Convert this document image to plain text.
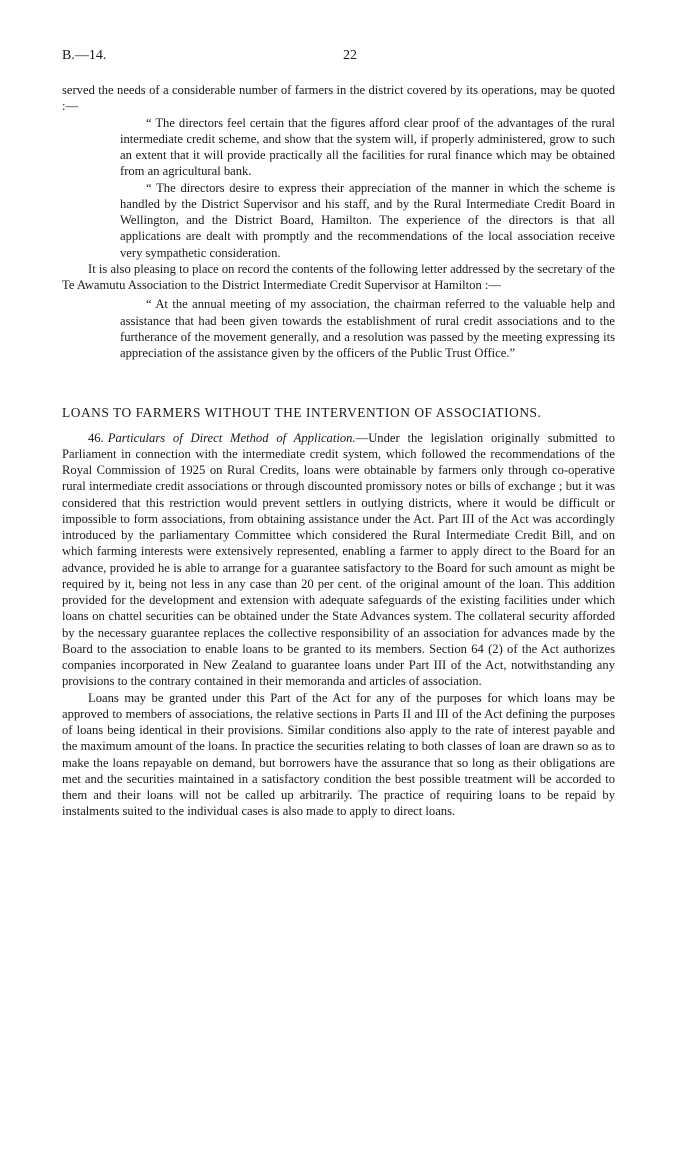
B.—14.	22

served the needs of a considerable number of farmers in the district covered by its operations, may be quoted :—

“ The directors feel certain that the figures afford clear proof of the advantages of the rural intermediate credit scheme, and show that the system will, if properly administered, grow to such an extent that it will provide practically all the facilities for rural finance which may be obtained from an agricultural bank.

“ The directors desire to express their appreciation of the manner in which the scheme is handled by the District Supervisor and his staff, and by the Rural Intermediate Credit Board in Wellington, and the District Board, Hamilton. The experience of the directors is that all applications are dealt with promptly and the recommendations of the local association receive very sympathetic consideration.

It is also pleasing to place on record the contents of the following letter addressed by the secretary of the Te Awamutu Association to the District Intermediate Credit Supervisor at Hamilton :—

“ At the annual meeting of my association, the chairman referred to the valuable help and assistance that had been given towards the establishment of rural credit associations and to the furtherance of the movement generally, and a resolution was passed by the meeting expressing its appreciation of the assistance given by the officers of the Public Trust Office.”

LOANS TO FARMERS WITHOUT THE INTERVENTION OF ASSOCIATIONS.

46. Particulars of Direct Method of Application.—Under the legislation originally submitted to Parliament in connection with the intermediate credit system, which followed the recommendations of the Royal Commission of 1925 on Rural Credits, loans were obtainable by farmers only through co-operative rural intermediate credit associations or through discounted promissory notes or bills of exchange ; but it was considered that this restriction would prevent settlers in outlying districts, where it would be difficult or impossible to form associations, from obtaining assistance under the Act. Part III of the Act was accordingly introduced by the parliamentary Committee which considered the Rural Intermediate Credit Bill, and on which farming interests were extensively represented, enabling a farmer to apply direct to the Board for an advance, provided he is able to arrange for a guarantee satisfactory to the Board for such amount as might be required by it, being not less in any case than 20 per cent. of the original amount of the loan. This addition provided for the development and extension with adequate safeguards of the existing facilities under which loans on chattel securities can be obtained under the State Advances system. The collateral security afforded by the necessary guarantee replaces the collective responsibility of an association for advances made by the Board to the association to enable loans to be granted to its members. Section 64 (2) of the Act authorizes companies incorporated in New Zealand to guarantee loans under Part III of the Act, notwithstanding any provisions to the contrary contained in their memoranda and articles of association.

Loans may be granted under this Part of the Act for any of the purposes for which loans may be approved to members of associations, the relative sections in Parts II and III of the Act defining the purposes of loans being identical in their provisions. Similar conditions also apply to the rate of interest payable and the maximum amount of the loans. In practice the securities relating to both classes of loan are drawn so as to make the loans repayable on demand, but borrowers have the assurance that so long as their obligations are met and the securities maintained in a satisfactory condition the best possible treatment will be accorded to them and their loans will not be called up arbitrarily. The practice of requiring loans to be repaid by instalments suited to the individual cases is also made to apply to direct loans.
